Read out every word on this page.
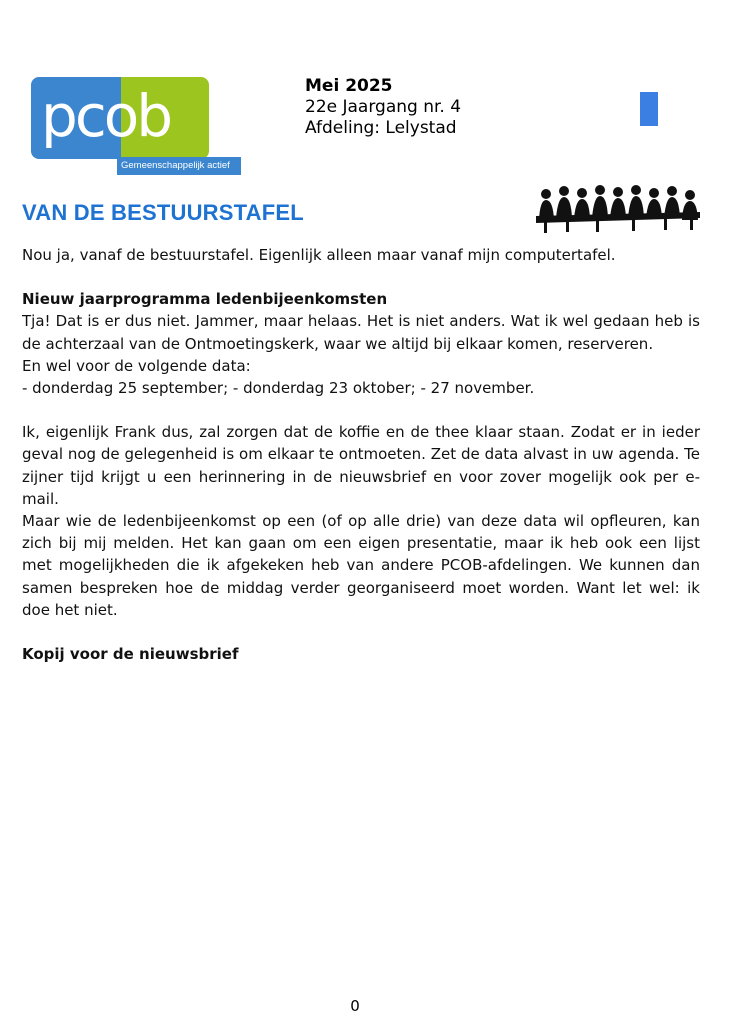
pcob
Gemeenschappelijk actief
Mei 2025
22e Jaargang nr. 4
Afdeling: Lelystad
VAN DE BESTUURSTAFEL

Nou ja, vanaf de bestuurstafel. Eigenlijk alleen maar vanaf mijn computertafel.

Nieuw jaarprogramma ledenbijeenkomsten

Tja! Dat is er dus niet. Jammer, maar helaas. Het is niet anders. Wat ik wel gedaan heb is de achterzaal van de Ontmoetingskerk, waar we altijd bij elkaar komen, reserveren.

En wel voor de volgende data:

- donderdag 25 september; - donderdag 23 oktober; - 27 november.

Ik, eigenlijk Frank dus, zal zorgen dat de koffie en de thee klaar staan. Zodat er in ieder geval nog de gelegenheid is om elkaar te ontmoeten. Zet de data alvast in uw agenda. Te zijner tijd krijgt u een herinnering in de nieuwsbrief en voor zover mogelijk ook per e-mail.

Maar wie de ledenbijeenkomst op een (of op alle drie) van deze data wil opfleuren, kan zich bij mij melden. Het kan gaan om een eigen presentatie, maar ik heb ook een lijst met mogelijkheden die ik afgekeken heb van andere PCOB-afdelingen. We kunnen dan samen bespreken hoe de middag verder georganiseerd moet worden. Want let wel: ik doe het niet.

Kopij voor de nieuwsbrief

0
